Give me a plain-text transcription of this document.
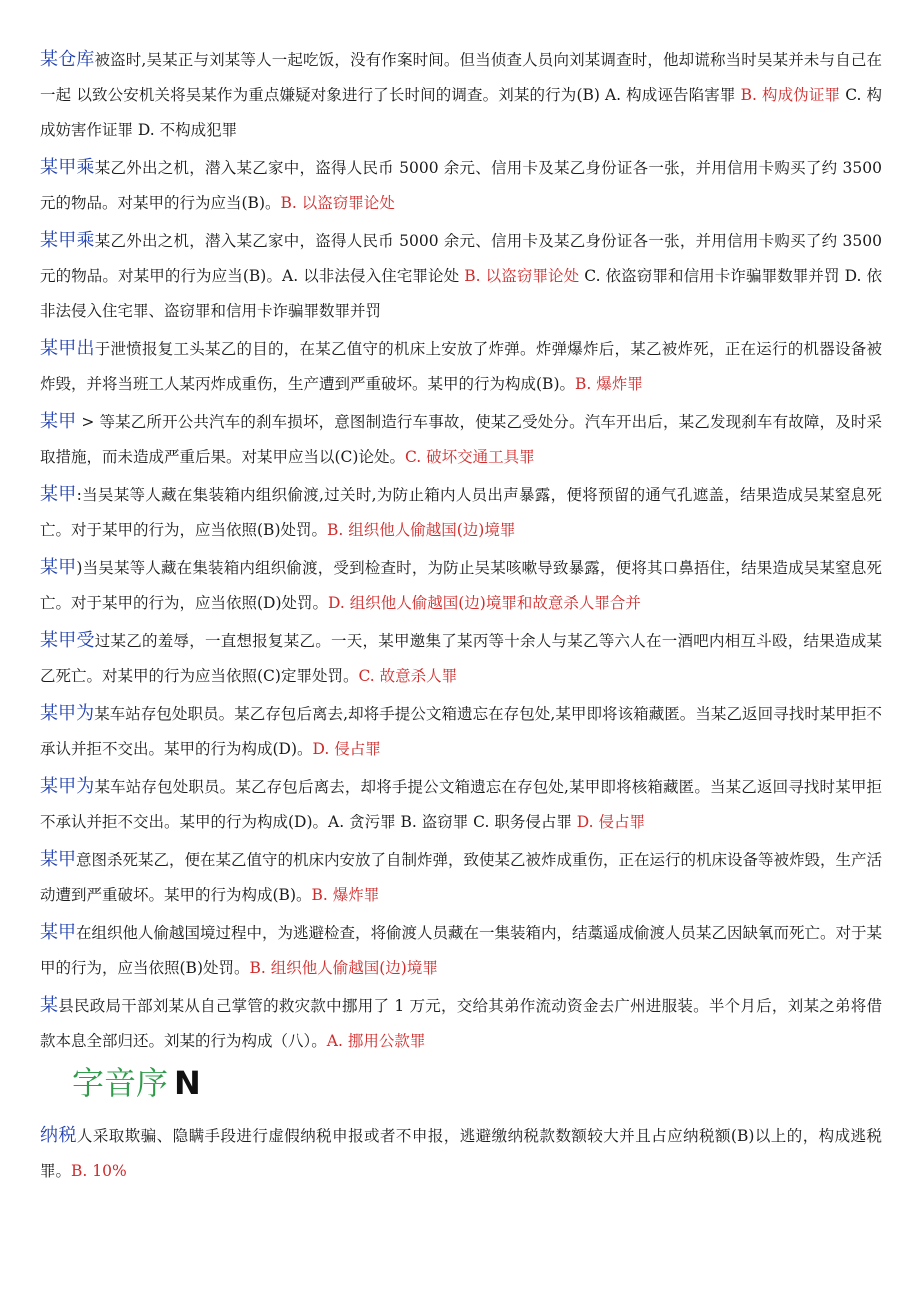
某仓库被盗时,吴某正与刘某等人一起吃饭，没有作案时间。但当侦查人员向刘某调查时，他却谎称当时吴某并未与自己在一起 以致公安机关将吴某作为重点嫌疑对象进行了长时间的调查。刘某的行为(B) A. 构成诬告陷害罪 B. 构成伪证罪 C. 构成妨害作证罪 D. 不构成犯罪

某甲乘某乙外出之机，潜入某乙家中，盗得人民币 5000 余元、信用卡及某乙身份证各一张，并用信用卡购买了约 3500 元的物品。对某甲的行为应当(B)。B. 以盗窃罪论处

某甲乘某乙外出之机，潜入某乙家中，盗得人民币 5000 余元、信用卡及某乙身份证各一张，并用信用卡购买了约 3500 元的物品。对某甲的行为应当(B)。A. 以非法侵入住宅罪论处 B. 以盗窃罪论处 C. 依盗窃罪和信用卡诈骗罪数罪并罚 D. 依非法侵入住宅罪、盗窃罪和信用卡诈骗罪数罪并罚

某甲出于泄愤报复工头某乙的目的，在某乙值守的机床上安放了炸弹。炸弹爆炸后，某乙被炸死，正在运行的机器设备被炸毁，并将当班工人某丙炸成重伤，生产遭到严重破坏。某甲的行为构成(B)。B. 爆炸罪

某甲 > 等某乙所开公共汽车的刹车损坏，意图制造行车事故，使某乙受处分。汽车开出后，某乙发现刹车有故障，及时采取措施，而未造成严重后果。对某甲应当以(C)论处。C. 破坏交通工具罪

某甲:当吴某等人藏在集装箱内组织偷渡,过关时,为防止箱内人员出声暴露，便将预留的通气孔遮盖，结果造成吴某窒息死亡。对于某甲的行为，应当依照(B)处罚。B. 组织他人偷越国(边)境罪

某甲)当吴某等人藏在集装箱内组织偷渡，受到检查时，为防止吴某咳嗽导致暴露，便将其口鼻捂住，结果造成吴某窒息死亡。对于某甲的行为，应当依照(D)处罚。D. 组织他人偷越国(边)境罪和故意杀人罪合并

某甲受过某乙的羞辱，一直想报复某乙。一天，某甲邀集了某丙等十余人与某乙等六人在一酒吧内相互斗殴，结果造成某乙死亡。对某甲的行为应当依照(C)定罪处罚。C. 故意杀人罪

某甲为某车站存包处职员。某乙存包后离去,却将手提公文箱遗忘在存包处,某甲即将该箱藏匿。当某乙返回寻找时某甲拒不承认并拒不交出。某甲的行为构成(D)。D. 侵占罪

某甲为某车站存包处职员。某乙存包后离去，却将手提公文箱遗忘在存包处,某甲即将核箱藏匿。当某乙返回寻找时某甲拒不承认并拒不交出。某甲的行为构成(D)。A. 贪污罪 B. 盗窃罪 C. 职务侵占罪 D. 侵占罪

某甲意图杀死某乙，便在某乙值守的机床内安放了自制炸弹，致使某乙被炸成重伤，正在运行的机床设备等被炸毁，生产活动遭到严重破坏。某甲的行为构成(B)。B. 爆炸罪

某甲在组织他人偷越国境过程中，为逃避检查，将偷渡人员藏在一集装箱内，结藁遥成偷渡人员某乙因缺氧而死亡。对于某甲的行为，应当依照(B)处罚。B. 组织他人偷越国(边)境罪

某县民政局干部刘某从自己掌管的救灾款中挪用了 1 万元，交给其弟作流动资金去广州进服装。半个月后，刘某之弟将借款本息全部归还。刘某的行为构成（八）。A. 挪用公款罪

字音序 N

纳税人采取欺骗、隐瞒手段进行虚假纳税申报或者不申报，逃避缴纳税款数额较大并且占应纳税额(B)以上的，构成逃税罪。B. 10%
